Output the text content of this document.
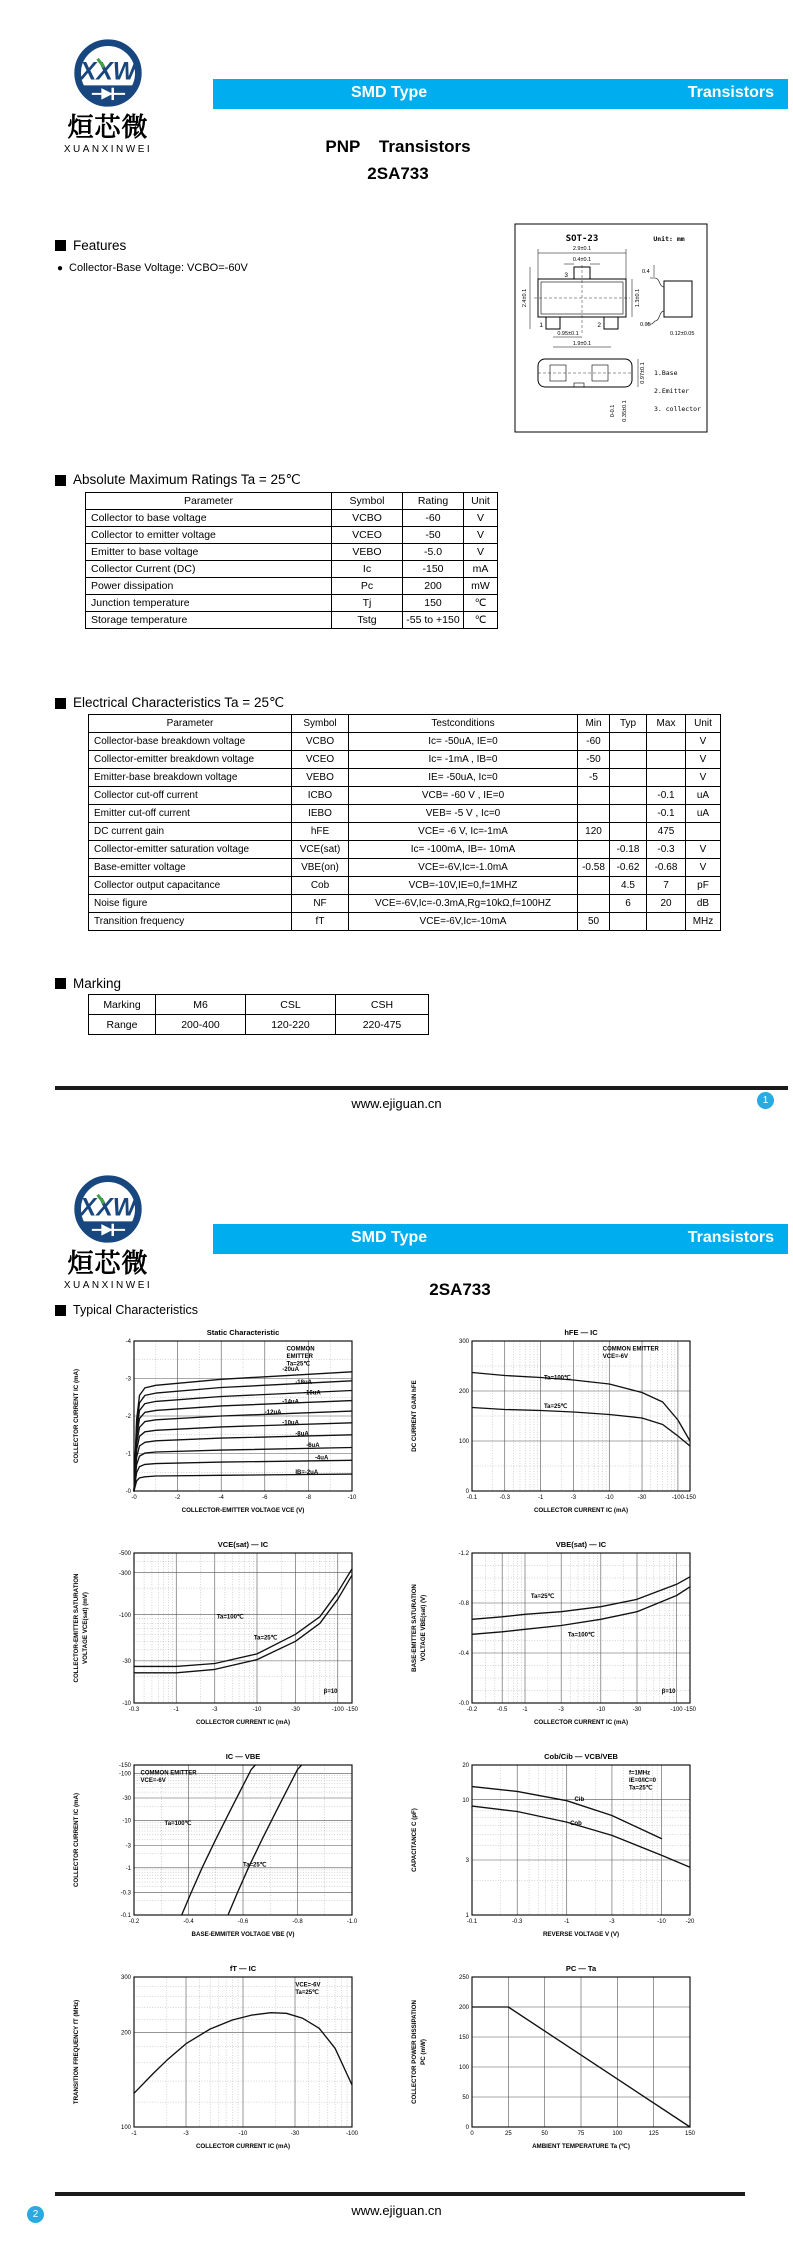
XXW
烜芯微
XUANXINWEI
SMD Type	Transistors
PNP    Transistors
2SA733
Features
● Collector-Base Voltage: VCBO=-60V
SOT-23	Unit: mm
2.9±0.1
0.4±0.1
3
1	2
2.4±0.1	1.3±0.1
0.95±0.1
1.9±0.1
0.4
0.05
0.12±0.05
0.97±0.1
0-0.1 0.35±0.1
1.Base
2.Emitter
3. collector
Absolute Maximum Ratings Ta = 25℃
Parameter	Symbol	Rating	Unit
Collector to base voltage	VCBO	-60	V
Collector to emitter voltage	VCEO	-50	V
Emitter to base voltage	VEBO	-5.0	V
Collector Current (DC)	Ic	-150	mA
Power dissipation	Pc	200	mW
Junction temperature	Tj	150	℃
Storage temperature	Tstg	-55 to +150	℃
Electrical Characteristics Ta = 25℃
Parameter	Symbol	Testconditions	Min	Typ	Max	Unit
Collector-base breakdown voltage	VCBO	Ic= -50uA, IE=0	-60			V
Collector-emitter breakdown voltage	VCEO	Ic= -1mA , IB=0	-50			V
Emitter-base breakdown voltage	VEBO	IE= -50uA, Ic=0	-5			V
Collector cut-off current	ICBO	VCB= -60 V , IE=0			-0.1	uA
Emitter cut-off current	IEBO	VEB= -5 V , Ic=0			-0.1	uA
DC current gain	hFE	VCE= -6 V, Ic=-1mA	120		475	
Collector-emitter saturation voltage	VCE(sat)	Ic= -100mA, IB=- 10mA		-0.18	-0.3	V
Base-emitter voltage	VBE(on)	VCE=-6V,Ic=-1.0mA	-0.58	-0.62	-0.68	V
Collector output capacitance	Cob	VCB=-10V,IE=0,f=1MHZ		4.5	7	pF
Noise figure	NF	VCE=-6V,Ic=-0.3mA,Rg=10kΩ,f=100HZ		6	20	dB
Transition frequency	fT	VCE=-6V,Ic=-10mA	50			MHz
Marking
Marking	M6	CSL	CSH
Range	200-400	120-220	220-475
www.ejiguan.cn	1
XXW
烜芯微
XUANXINWEI
SMD Type	Transistors
2SA733
Typical Characteristics
-0	-2	-4	-6	-8	-10
-0
-1
-2
-3
-4
Static Characteristic
COLLECTOR-EMITTER VOLTAGE VCE (V)
COLLECTOR CURRENT IC (mA)	-20uA
-18uA
-16uA
-14uA
-12uA
-10uA
-8uA
-6uA
-4uA
IB=-2uA
COMMON
EMITTER
Ta=25℃
-0.1	-0.3	-1	-3	-10	-30	-100 -150
0
100
200
300
hFE — IC
COLLECTOR CURRENT IC (mA)
DC CURRENT GAIN hFE
Ta=100℃
Ta=25℃
COMMON EMITTER
VCE=-6V
-0.3	-1	-3	-10	-30	-100 -150
-10
-30
-100
-300
-500
VCE(sat) — IC
COLLECTOR CURRENT IC (mA)
COLLECTOR-EMITTER SATURATION VOLTAGE VCE(sat) (mV)	Ta=100℃
Ta=25℃
β=10
-0.2	-0.5 -1	-3	-10	-30	-100 -150
-0.0
-0.4
-0.8
-1.2
VBE(sat) — IC
COLLECTOR CURRENT IC (mA)
BASE-EMITTER SATURATION VOLTAGE VBE(sat) (V)	Ta=25℃
Ta=100℃
β=10
-0.2	-0.4	-0.6	-0.8	-1.0
-0.1
-0.3
-1
-3
-10
-30
-100
-150
IC — VBE
BASE-EMMITER VOLTAGE VBE (V)
COLLECTOR CURRENT IC (mA)	Ta=100℃
Ta=25℃
COMMON EMITTER
VCE=-6V
-0.1	-0.3	-1	-3	-10	-20
1
3
10
20
Cob/Cib — VCB/VEB
REVERSE VOLTAGE V (V)
CAPACITANCE C (pF)
Cib
Cob
f=1MHz
IE=0/IC=0
Ta=25℃
-1	-3	-10	-30	-100
100
200
300
fT — IC
COLLECTOR CURRENT IC (mA)
TRANSITION FREQUENCY fT (MHz)
VCE=-6V
Ta=25℃
0	25	50	75	100	125	150
0
50
100
150
200
250
PC — Ta
AMBIENT TEMPERATURE Ta (℃)
COLLECTOR POWER DISSIPATION PC (mW)
www.ejiguan.cn
2
